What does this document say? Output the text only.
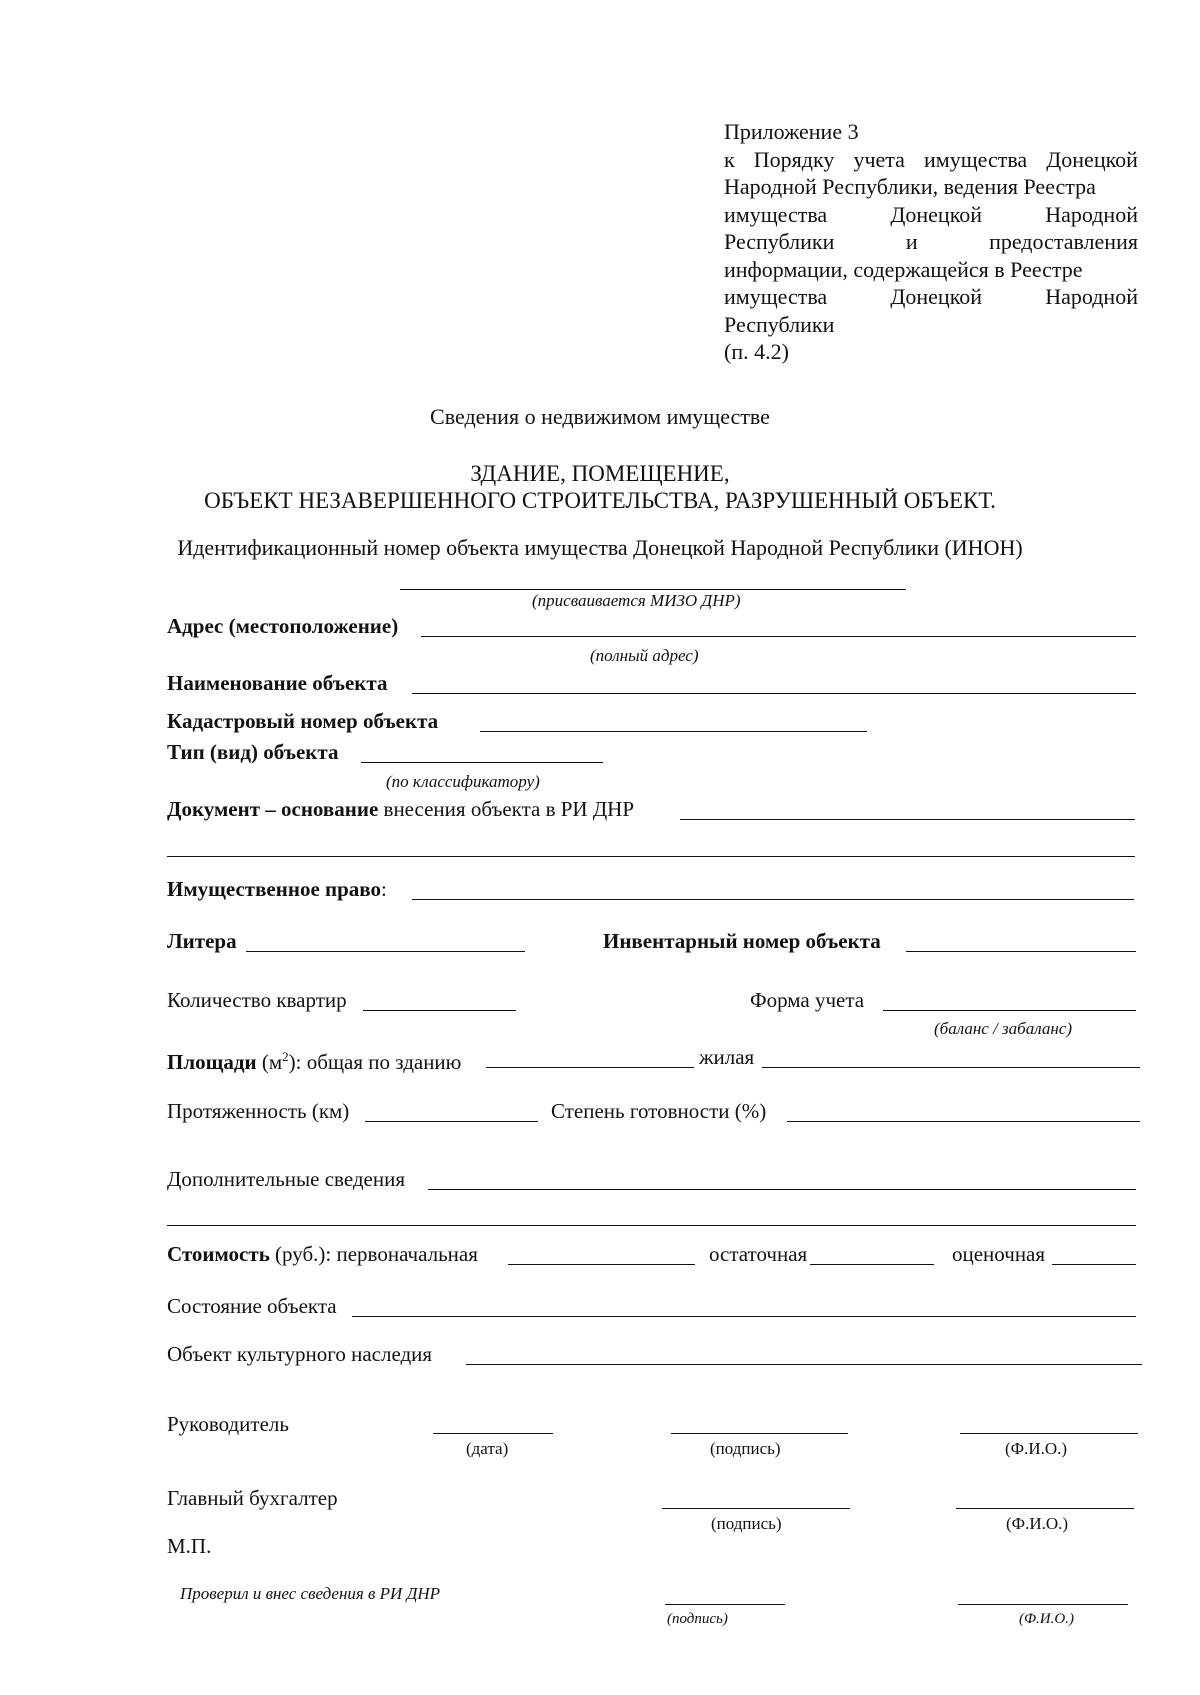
Приложение 3
к Порядку учета имущества Донецкой
Народной Республики, ведения Реестра
имущества	Донецкой	Народной
Республики	и	предоставления
информации, содержащейся в Реестре
имущества	Донецкой	Народной
Республики
(п. 4.2)
Сведения о недвижимом имуществе
ЗДАНИЕ, ПОМЕЩЕНИЕ,
ОБЪЕКТ НЕЗАВЕРШЕННОГО СТРОИТЕЛЬСТВА, РАЗРУШЕННЫЙ ОБЪЕКТ.
Идентификационный номер объекта имущества Донецкой Народной Республики (ИНОН)
(присваивается МИЗО ДНР)
Адрес (местоположение)
(полный адрес)
Наименование объекта
Кадастровый номер объекта
Тип (вид) объекта
(по классификатору)
Документ – основание внесения объекта в РИ ДНР
Имущественное право:
Литера	Инвентарный номер объекта
Количество квартир	Форма учета
(баланс / забаланс)
Площади $(м^2)$: общая по зданию	жилая
Протяженность (км)	Степень готовности (%)
Дополнительные сведения
Стоимость (руб.): первоначальная	остаточная	оценочная
Состояние объекта
Объект культурного наследия
Руководитель
(дата)	(подпись)	(Ф.И.О.)
Главный бухгалтер
(подпись)	(Ф.И.О.)
М.П.
Проверил и внес сведения в РИ ДНР
(подпись)	(Ф.И.О.)
